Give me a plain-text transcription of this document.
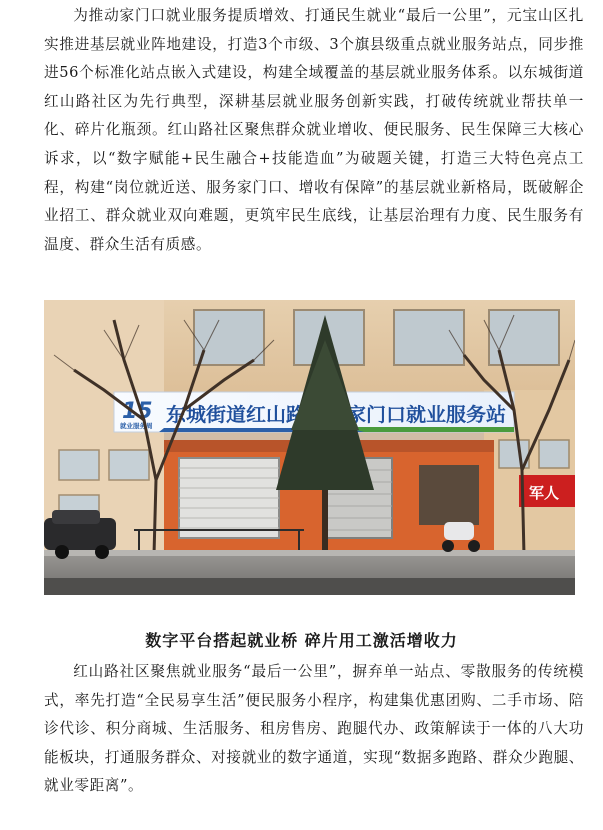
为推动家门口就业服务提质增效、打通民生就业“最后一公里”，元宝山区扎实推进基层就业阵地建设，打造3个市级、3个旗县级重点就业服务站点，同步推进56个标准化站点嵌入式建设，构建全域覆盖的基层就业服务体系。以东城街道红山路社区为先行典型，深耕基层就业服务创新实践，打破传统就业帮扶单一化、碎片化瓶颈。红山路社区聚焦群众就业增收、便民服务、民生保障三大核心诉求，以“数字赋能+民生融合+技能造血”为破题关键，打造三大特色亮点工程，构建“岗位就近送、服务家门口、增收有保障”的基层就业新格局，既破解企业招工、群众就业双向难题，更筑牢民生底线，让基层治理有力度、民生服务有温度、群众生活有质感。

军人
15
就业服务周
数字平台搭起就业桥 碎片用工激活增收力

红山路社区聚焦就业服务“最后一公里”，摒弃单一站点、零散服务的传统模式，率先打造“全民易享生活”便民服务小程序，构建集优惠团购、二手市场、陪诊代诊、积分商城、生活服务、租房售房、跑腿代办、政策解读于一体的八大功能板块，打通服务群众、对接就业的数字通道，实现“数据多跑路、群众少跑腿、就业零距离”。
